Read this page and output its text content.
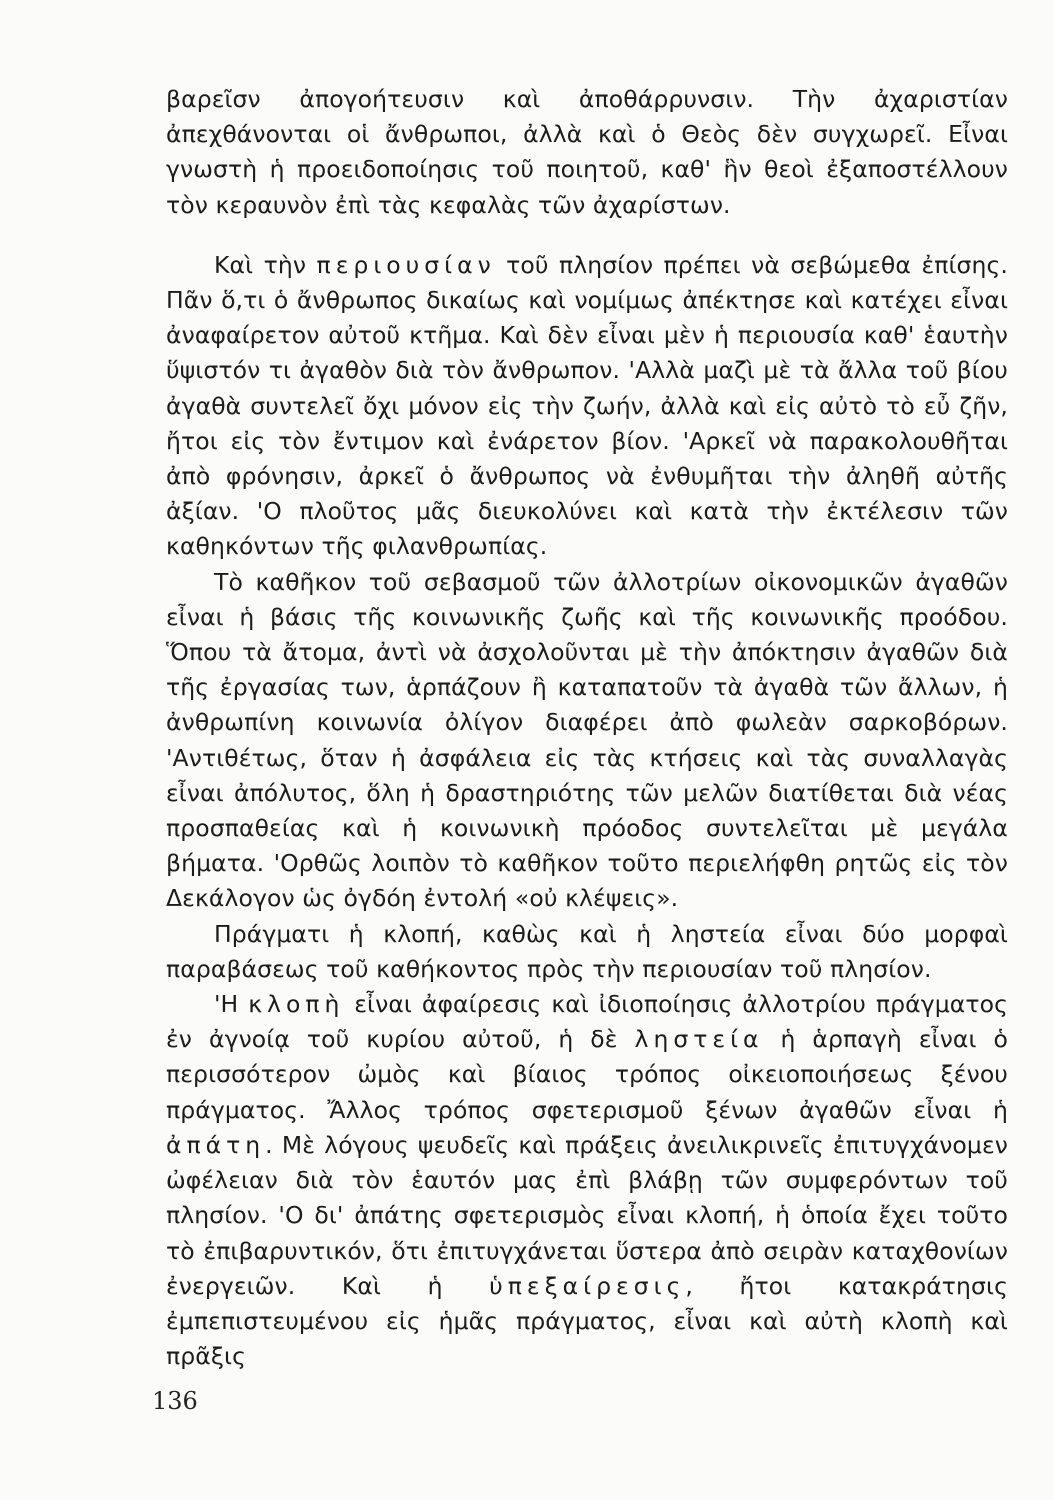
βαρεῖσν ἀπογοήτευσιν καὶ ἀποθάρρυνσιν. Τὴν ἀχαριστίαν ἀπεχθάνονται οἱ ἄνθρωποι, ἀλλὰ καὶ ὁ Θεὸς δὲν συγχωρεῖ. Εἶναι γνωστὴ ἡ προειδοποίησις τοῦ ποιητοῦ, καθ' ἣν θεοὶ ἐξαποστέλλουν τὸν κεραυνὸν ἐπὶ τὰς κεφαλὰς τῶν ἀχαρίστων.

Καὶ τὴν περιουσίαν τοῦ πλησίον πρέπει νὰ σεβώμεθα ἐπίσης. Πᾶν ὅ,τι ὁ ἄνθρωπος δικαίως καὶ νομίμως ἀπέκτησε καὶ κατέχει εἶναι ἀναφαίρετον αὐτοῦ κτῆμα. Καὶ δὲν εἶναι μὲν ἡ περιουσία καθ' ἑαυτὴν ὕψιστόν τι ἀγαθὸν διὰ τὸν ἄνθρωπον. 'Αλλὰ μαζὶ μὲ τὰ ἄλλα τοῦ βίου ἀγαθὰ συντελεῖ ὄχι μόνον εἰς τὴν ζωήν, ἀλλὰ καὶ εἰς αὐτὸ τὸ εὖ ζῆν, ἤτοι εἰς τὸν ἔντιμον καὶ ἐνάρετον βίον. 'Αρκεῖ νὰ παρακολουθῆται ἀπὸ φρόνησιν, ἀρκεῖ ὁ ἄνθρωπος νὰ ἐνθυμῆται τὴν ἀληθῆ αὐτῆς ἀξίαν. 'Ο πλοῦτος μᾶς διευκολύνει καὶ κατὰ τὴν ἐκτέλεσιν τῶν καθηκόντων τῆς φιλανθρωπίας.

Τὸ καθῆκον τοῦ σεβασμοῦ τῶν ἀλλοτρίων οἰκονομικῶν ἀγαθῶν εἶναι ἡ βάσις τῆς κοινωνικῆς ζωῆς καὶ τῆς κοινωνικῆς προόδου. Ὅπου τὰ ἄτομα, ἀντὶ νὰ ἀσχολοῦνται μὲ τὴν ἀπόκτησιν ἀγαθῶν διὰ τῆς ἐργασίας των, ἁρπάζουν ἢ καταπατοῦν τὰ ἀγαθὰ τῶν ἄλλων, ἡ ἀνθρωπίνη κοινωνία ὀλίγον διαφέρει ἀπὸ φωλεὰν σαρκοβόρων. 'Αντιθέτως, ὅταν ἡ ἀσφάλεια εἰς τὰς κτήσεις καὶ τὰς συναλλαγὰς εἶναι ἀπόλυτος, ὅλη ἡ δραστηριότης τῶν μελῶν διατίθεται διὰ νέας προσπαθείας καὶ ἡ κοινωνικὴ πρόοδος συντελεῖται μὲ μεγάλα βήματα. 'Ορθῶς λοιπὸν τὸ καθῆκον τοῦτο περιελήφθη ρητῶς εἰς τὸν Δεκάλογον ὡς ὀγδόη ἐντολή «οὐ κλέψεις».

Πράγματι ἡ κλοπή, καθὼς καὶ ἡ ληστεία εἶναι δύο μορφαὶ παραβάσεως τοῦ καθήκοντος πρὸς τὴν περιουσίαν τοῦ πλησίον.

'Η κλοπὴ εἶναι ἀφαίρεσις καὶ ἰδιοποίησις ἀλλοτρίου πράγματος ἐν ἀγνοίᾳ τοῦ κυρίου αὐτοῦ, ἡ δὲ ληστεία ἡ ἁρπαγὴ εἶναι ὁ περισσότερον ὠμὸς καὶ βίαιος τρόπος οἰκειοποιήσεως ξένου πράγματος. Ἄλλος τρόπος σφετερισμοῦ ξένων ἀγαθῶν εἶναι ἡ ἀπάτη. Μὲ λόγους ψευδεῖς καὶ πράξεις ἀνειλικρινεῖς ἐπιτυγχάνομεν ὠφέλειαν διὰ τὸν ἑαυτόν μας ἐπὶ βλάβῃ τῶν συμφερόντων τοῦ πλησίον. 'Ο δι' ἀπάτης σφετερισμὸς εἶναι κλοπή, ἡ ὁποία ἔχει τοῦτο τὸ ἐπιβαρυντικόν, ὅτι ἐπιτυγχάνεται ὕστερα ἀπὸ σειρὰν καταχθονίων ἐνεργειῶν. Καὶ ἡ ὑπεξαίρεσις, ἤτοι κατακράτησις ἐμπεπιστευμένου εἰς ἡμᾶς πράγματος, εἶναι καὶ αὐτὴ κλοπὴ καὶ πρᾶξις

136
